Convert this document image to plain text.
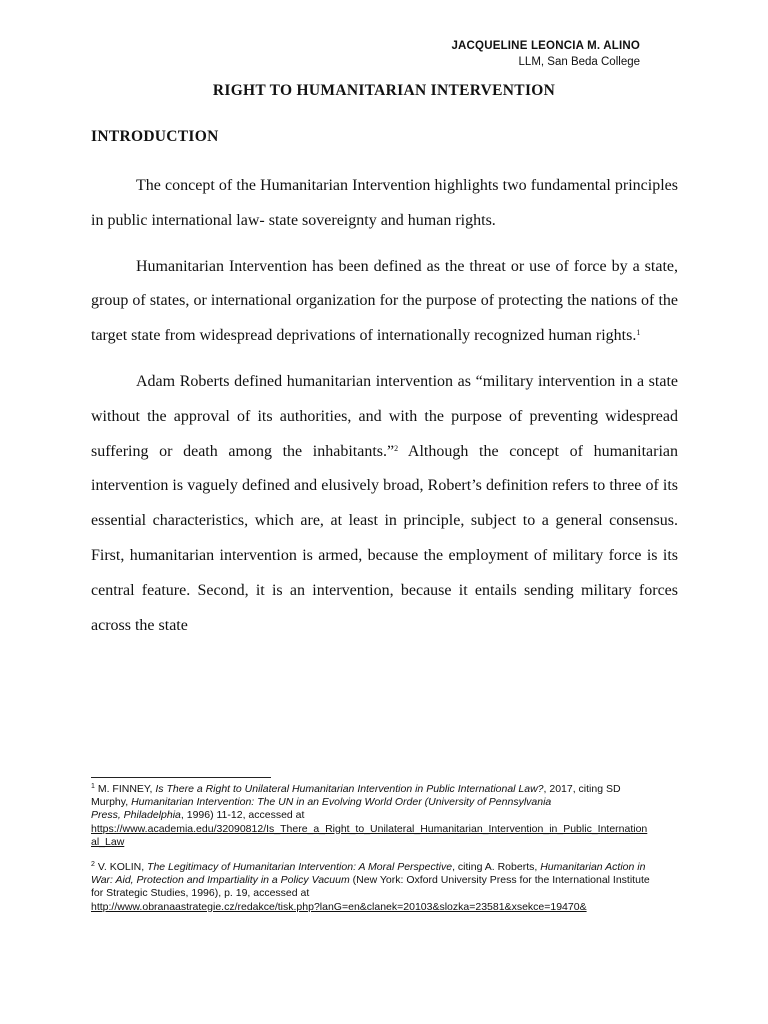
JACQUELINE LEONCIA M. ALINO
LLM, San Beda College
RIGHT TO HUMANITARIAN INTERVENTION
INTRODUCTION

The concept of the Humanitarian Intervention highlights two fundamental principles in public international law- state sovereignty and human rights.

Humanitarian Intervention has been defined as the threat or use of force by a state, group of states, or international organization for the purpose of protecting the nations of the target state from widespread deprivations of internationally recognized human rights.$^1$

Adam Roberts defined humanitarian intervention as “military intervention in a state without the approval of its authorities, and with the purpose of preventing widespread suffering or death among the inhabitants.”$^2$ Although the concept of humanitarian intervention is vaguely defined and elusively broad, Robert’s definition refers to three of its essential characteristics, which are, at least in principle, subject to a general consensus. First, humanitarian intervention is armed, because the employment of military force is its central feature. Second, it is an intervention, because it entails sending military forces across the state

$^1$ M. FINNEY, Is There a Right to Unilateral Humanitarian Intervention in Public International Law?, 2017, citing SD Murphy, Humanitarian Intervention: The UN in an Evolving World Order (University of Pennsylvania
Press, Philadelphia, 1996) 11-12, accessed at
https://www.academia.edu/32090812/Is_There_a_Right_to_Unilateral_Humanitarian_Intervention_in_Public_International_Law
$^2$ V. KOLIN, The Legitimacy of Humanitarian Intervention: A Moral Perspective, citing A. Roberts, Humanitarian Action in War: Aid, Protection and Impartiality in a Policy Vacuum (New York: Oxford University Press for the International Institute for Strategic Studies, 1996), p. 19, accessed at
http://www.obranaastrategie.cz/redakce/tisk.php?lanG=en&clanek=20103&slozka=23581&xsekce=19470&
